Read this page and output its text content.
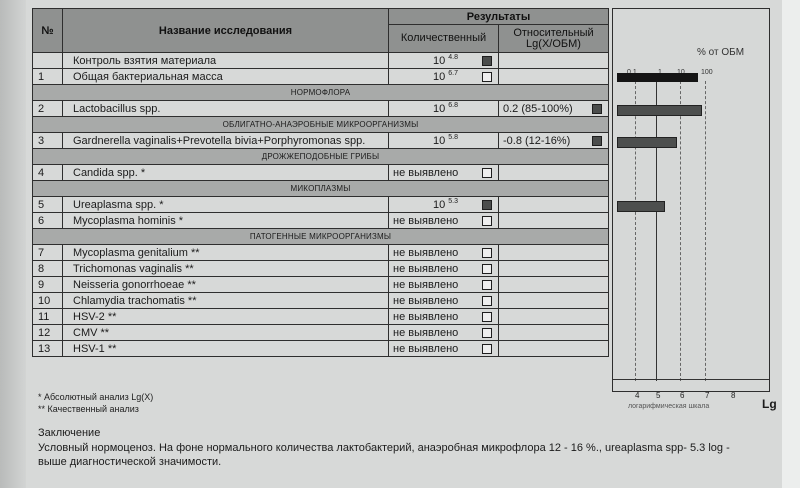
№	Название исследования	Результаты	
		Количественный	Относительный Lg(X/ОБМ)
	Контроль взятия материала	10 $^{4.8}$

1	Общая бактериальная масса	10 $^{6.7}$

НОРМОФЛОРА			
2	Lactobacillus spp.	10 $^{6.8}$	0.2 (85-100%)

ОБЛИГАТНО-АНАЭРОБНЫЕ МИКРООРГАНИЗМЫ			
3	Gardnerella vaginalis+Prevotella bivia+Porphyromonas spp.	10 $^{5.8}$	-0.8 (12-16%)

ДРОЖЖЕПОДОБНЫЕ ГРИБЫ			
4	Candida spp. *	не выявлено

МИКОПЛАЗМЫ			
5	Ureaplasma spp. *	10 $^{5.3}$

6	Mycoplasma hominis *	не выявлено

ПАТОГЕННЫЕ МИКРООРГАНИЗМЫ			
7	Mycoplasma genitalium **	не выявлено

8	Trichomonas vaginalis **	не выявлено

9	Neisseria gonorrhoeae **	не выявлено

10	Chlamydia trachomatis **	не выявлено

11	HSV-2 **	не выявлено

12	CMV **	не выявлено

13	HSV-1 **	не выявлено

% от ОБМ
100
4 5 6	7	8
логарифмическая шкала	Lg
* Абсолютный анализ Lg(X)
** Качественный анализ
Заключение
Условный нормоценоз. На фоне нормального количества лактобактерий, анаэробная микрофлора 12 - 16 %., ureaplasma spp- 5.3 log - выше диагностической значимости.
